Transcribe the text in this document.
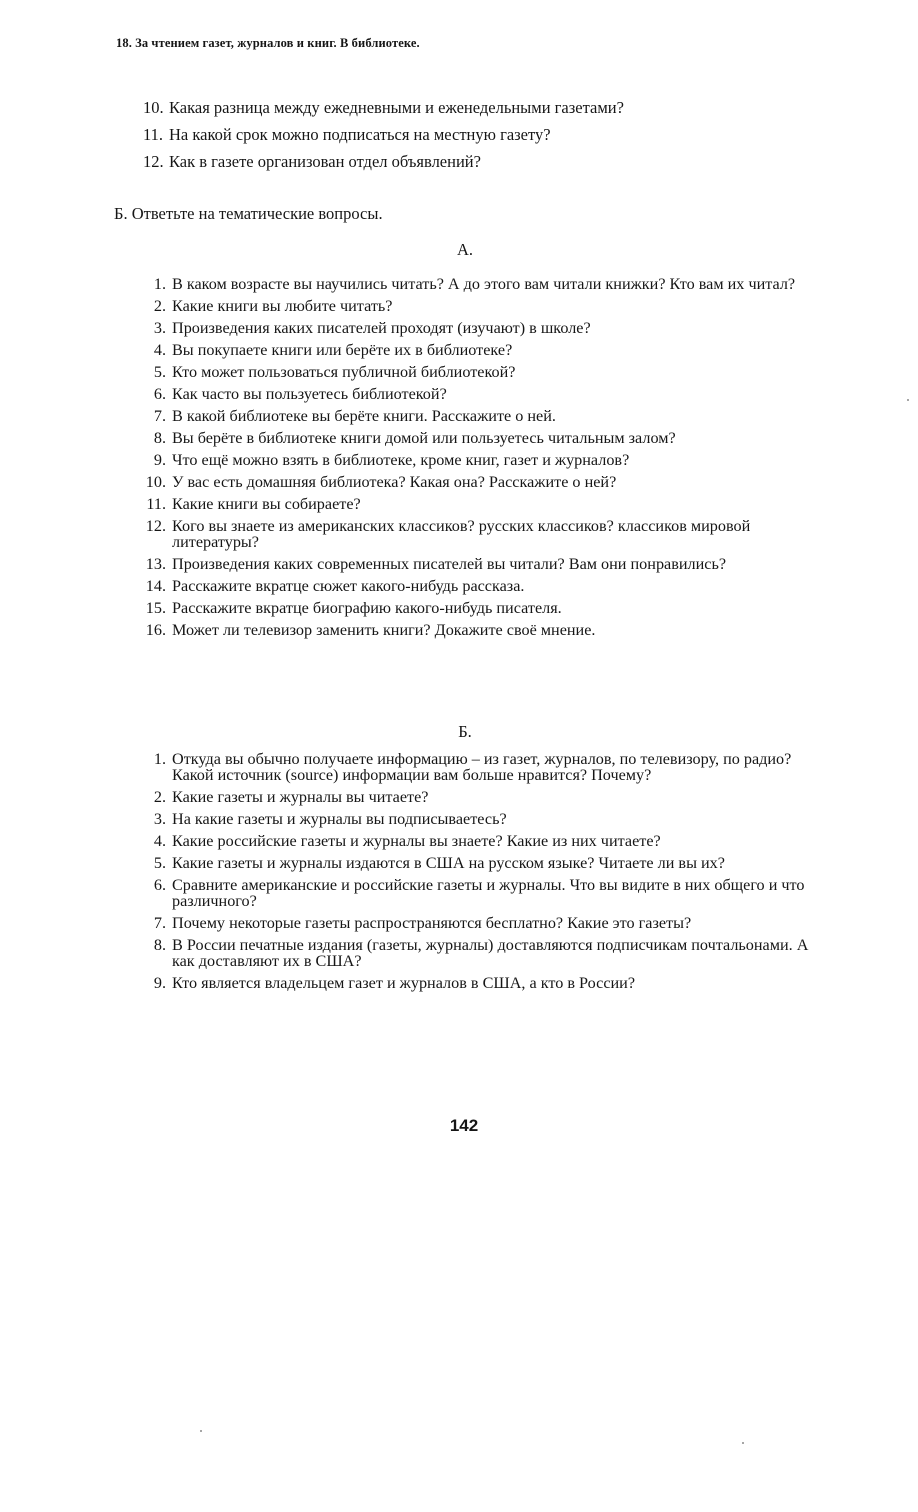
18. За чтением газет, журналов и книг. В библиотеке.
10. Какая разница между ежедневными и еженедельными газетами?
11. На какой срок можно подписаться на местную газету?
12. Как в газете организован отдел объявлений?
Б. Ответьте на тематические вопросы.
А.
1. В каком возрасте вы научились читать? А до этого вам читали книжки? Кто вам их читал?
2. Какие книги вы любите читать?
3. Произведения каких писателей проходят (изучают) в школе?
4. Вы покупаете книги или берёте их в библиотеке?
5. Кто может пользоваться публичной библиотекой?
6. Как часто вы пользуетесь библиотекой?
7. В какой библиотеке вы берёте книги. Расскажите о ней.
8. Вы берёте в библиотеке книги домой или пользуетесь читальным залом?
9. Что ещё можно взять в библиотеке, кроме книг, газет и журналов?
10. У вас есть домашняя библиотека? Какая она? Расскажите о ней?
11. Какие книги вы собираете?
12. Кого вы знаете из американских классиков? русских классиков? классиков мировой литературы?
13. Произведения каких современных писателей вы читали? Вам они понравились?
14. Расскажите вкратце сюжет какого-нибудь рассказа.
15. Расскажите вкратце биографию какого-нибудь писателя.
16. Может ли телевизор заменить книги? Докажите своё мнение.
Б.
1. Откуда вы обычно получаете информацию – из газет, журналов, по телевизору, по радио? Какой источник (source) информации вам больше нравится? Почему?
2. Какие газеты и журналы вы читаете?
3. На какие газеты и журналы вы подписываетесь?
4. Какие российские газеты и журналы вы знаете? Какие из них читаете?
5. Какие газеты и журналы издаются в США на русском языке? Читаете ли вы их?
6. Сравните американские и российские газеты и журналы. Что вы видите в них общего и что различного?
7. Почему некоторые газеты распространяются бесплатно? Какие это газеты?
8. В России печатные издания (газеты, журналы) доставляются подписчикам почтальонами. А как доставляют их в США?
9. Кто является владельцем газет и журналов в США, а кто в России?
142
